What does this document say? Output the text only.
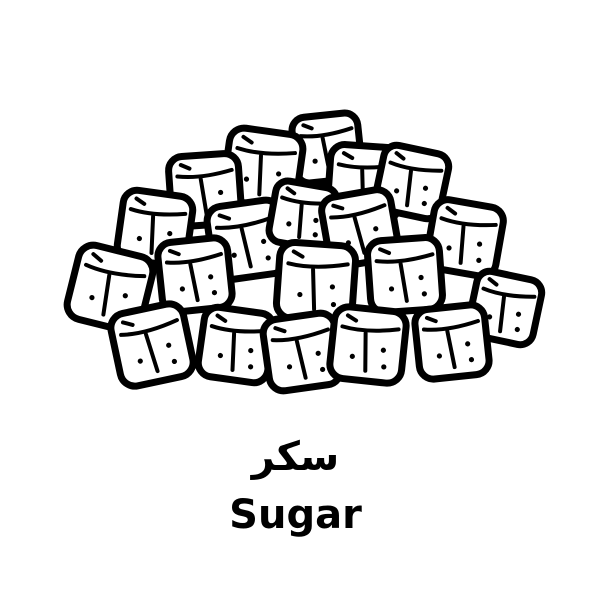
سكر
Sugar
